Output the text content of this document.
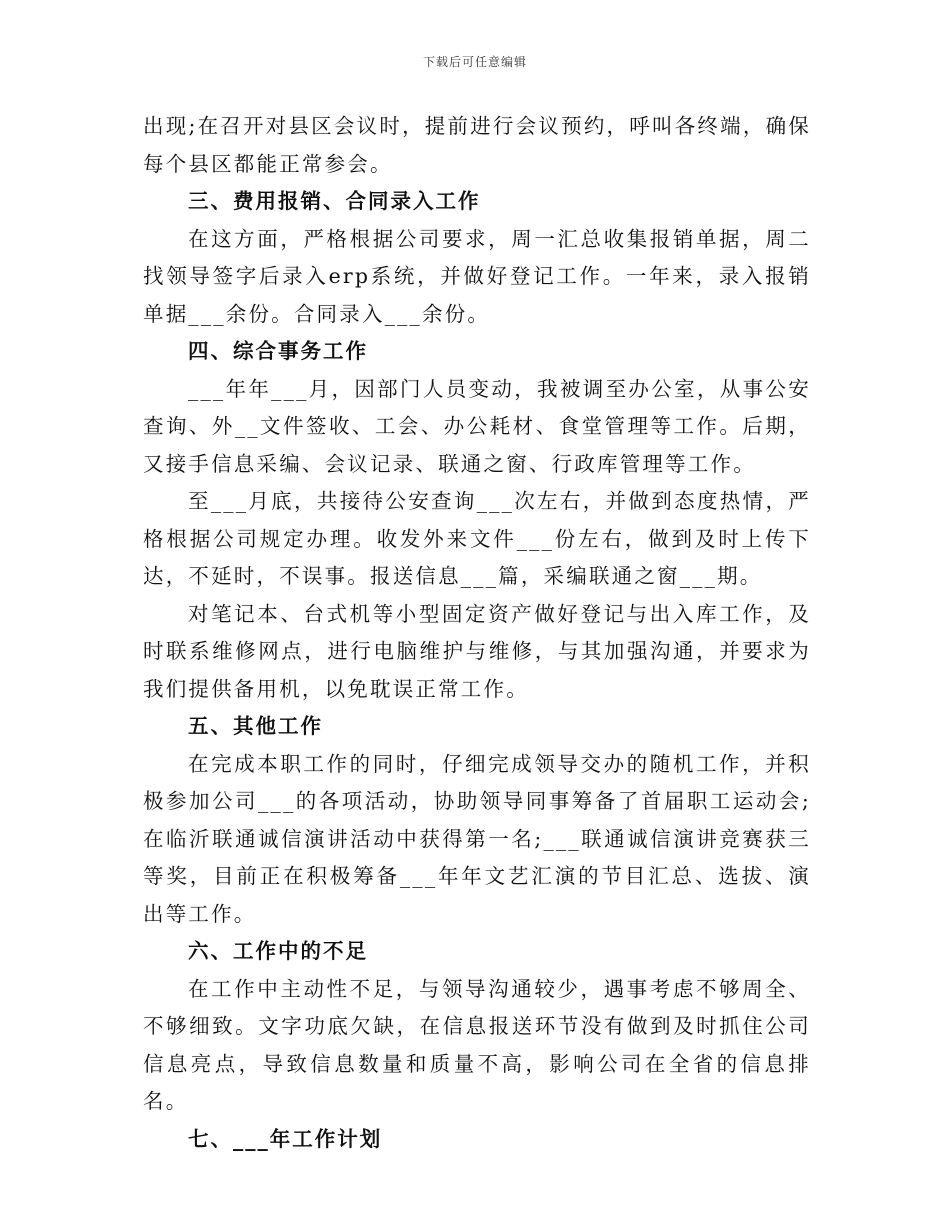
下载后可任意编辑

出现;在召开对县区会议时，提前进行会议预约，呼叫各终端，确保每个县区都能正常参会。

三、费用报销、合同录入工作

在这方面，严格根据公司要求，周一汇总收集报销单据，周二找领导签字后录入erp系统，并做好登记工作。一年来，录入报销单据___余份。合同录入___余份。

四、综合事务工作

___年年___月，因部门人员变动，我被调至办公室，从事公安查询、外__文件签收、工会、办公耗材、食堂管理等工作。后期，又接手信息采编、会议记录、联通之窗、行政库管理等工作。

至___月底，共接待公安查询___次左右，并做到态度热情，严格根据公司规定办理。收发外来文件___份左右，做到及时上传下达，不延时，不误事。报送信息___篇，采编联通之窗___期。

对笔记本、台式机等小型固定资产做好登记与出入库工作，及时联系维修网点，进行电脑维护与维修，与其加强沟通，并要求为我们提供备用机，以免耽误正常工作。

五、其他工作

在完成本职工作的同时，仔细完成领导交办的随机工作，并积极参加公司___的各项活动，协助领导同事筹备了首届职工运动会;在临沂联通诚信演讲活动中获得第一名;___联通诚信演讲竞赛获三等奖，目前正在积极筹备___年年文艺汇演的节目汇总、选拔、演出等工作。

六、工作中的不足

在工作中主动性不足，与领导沟通较少，遇事考虑不够周全、不够细致。文字功底欠缺，在信息报送环节没有做到及时抓住公司信息亮点，导致信息数量和质量不高，影响公司在全省的信息排名。

七、___年工作计划
